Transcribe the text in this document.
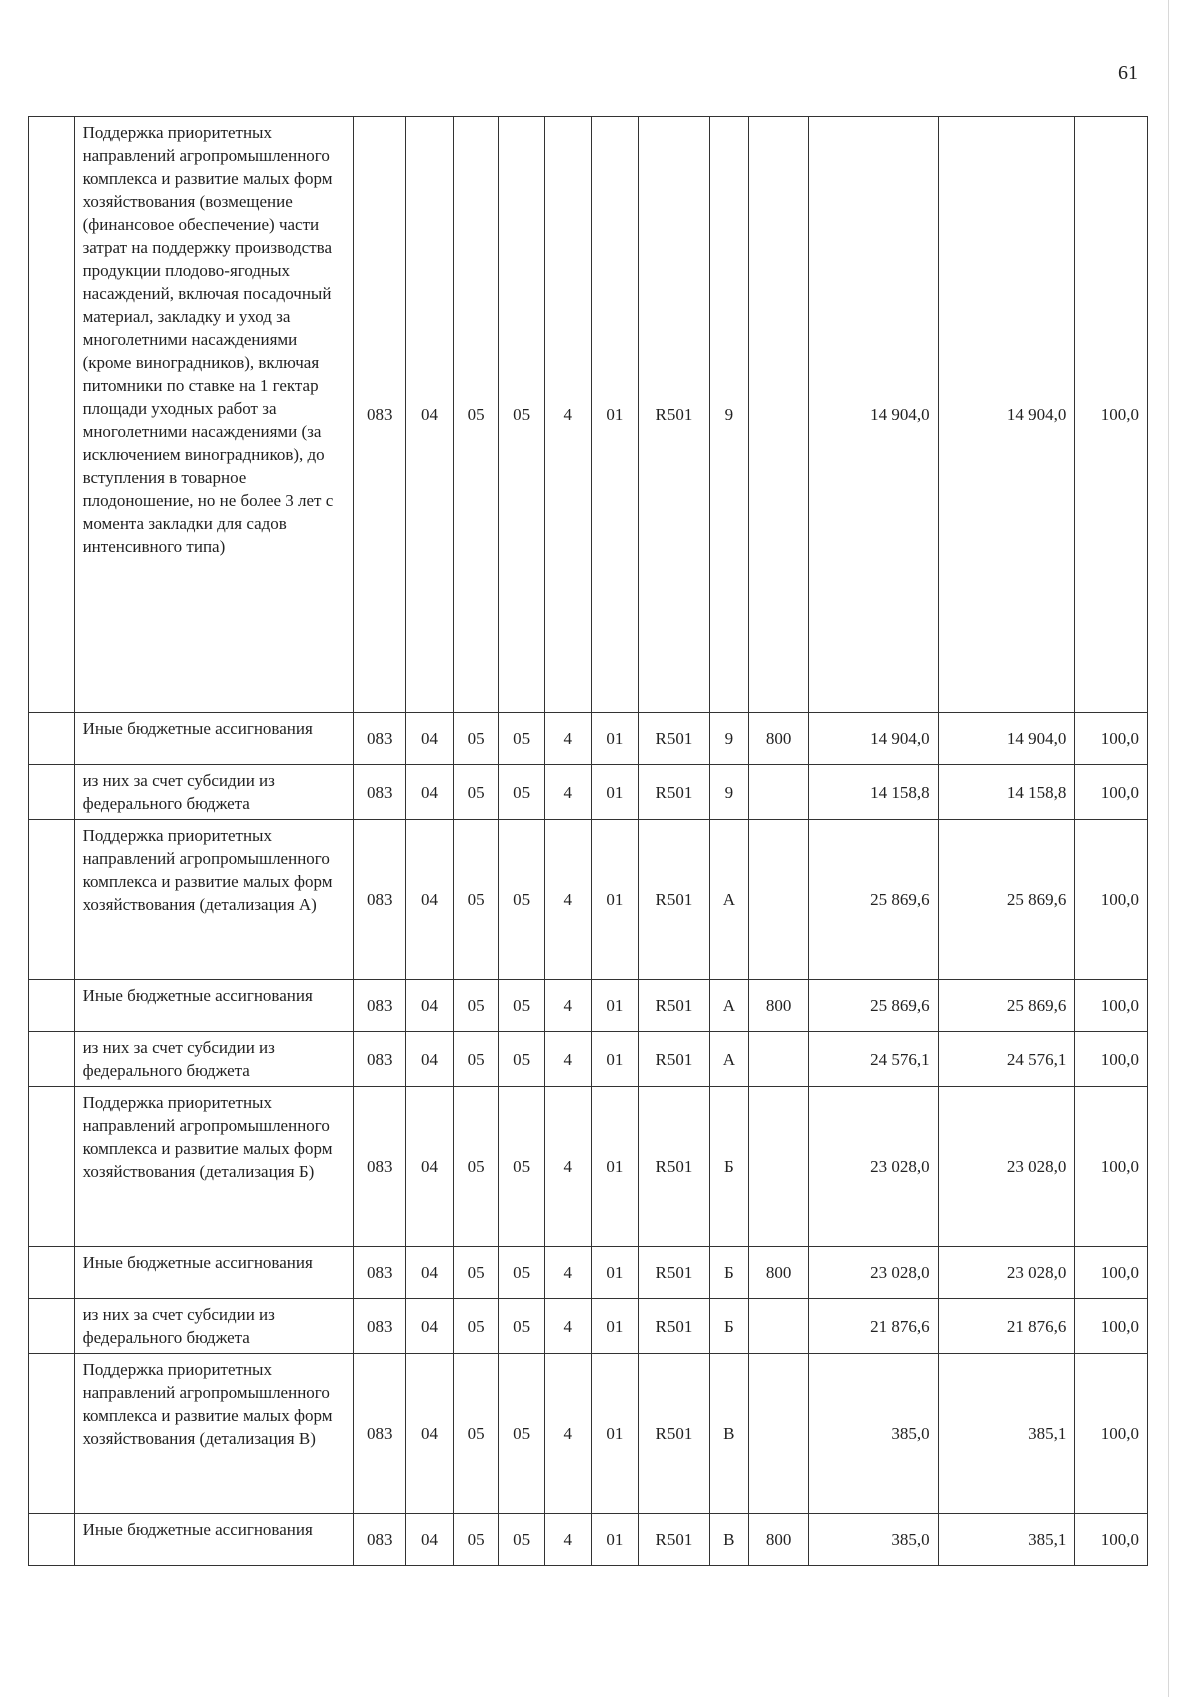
61
	Поддержка приоритетных направлений агропромышленного комплекса и развитие малых форм хозяйствования (возмещение (финансовое обеспечение) части затрат на поддержку производства продукции плодово-ягодных насаждений, включая посадочный материал, закладку и уход за многолетними насаждениями (кроме виноградников), включая питомники по ставке на 1 гектар площади уходных работ за многолетними насаждениями (за исключением виноградников), до вступления в товарное плодоношение, но не более 3 лет с момента закладки для садов интенсивного типа)	083	04	05	05	4	01	R501	9		14 904,0	14 904,0	100,0
	Иные бюджетные ассигнования	083	04	05	05	4	01	R501	9	800	14 904,0	14 904,0	100,0
	из них за счет субсидии из федерального бюджета	083	04	05	05	4	01	R501	9		14 158,8	14 158,8	100,0
	Поддержка приоритетных направлений агропромышленного комплекса и развитие малых форм хозяйствования (детализация А)	083	04	05	05	4	01	R501	А		25 869,6	25 869,6	100,0
	Иные бюджетные ассигнования	083	04	05	05	4	01	R501	А	800	25 869,6	25 869,6	100,0
	из них за счет субсидии из федерального бюджета	083	04	05	05	4	01	R501	А		24 576,1	24 576,1	100,0
	Поддержка приоритетных направлений агропромышленного комплекса и развитие малых форм хозяйствования (детализация Б)	083	04	05	05	4	01	R501	Б		23 028,0	23 028,0	100,0
	Иные бюджетные ассигнования	083	04	05	05	4	01	R501	Б	800	23 028,0	23 028,0	100,0
	из них за счет субсидии из федерального бюджета	083	04	05	05	4	01	R501	Б		21 876,6	21 876,6	100,0
	Поддержка приоритетных направлений агропромышленного комплекса и развитие малых форм хозяйствования (детализация В)	083	04	05	05	4	01	R501	В		385,0	385,1	100,0
	Иные бюджетные ассигнования	083	04	05	05	4	01	R501	В	800	385,0	385,1	100,0
